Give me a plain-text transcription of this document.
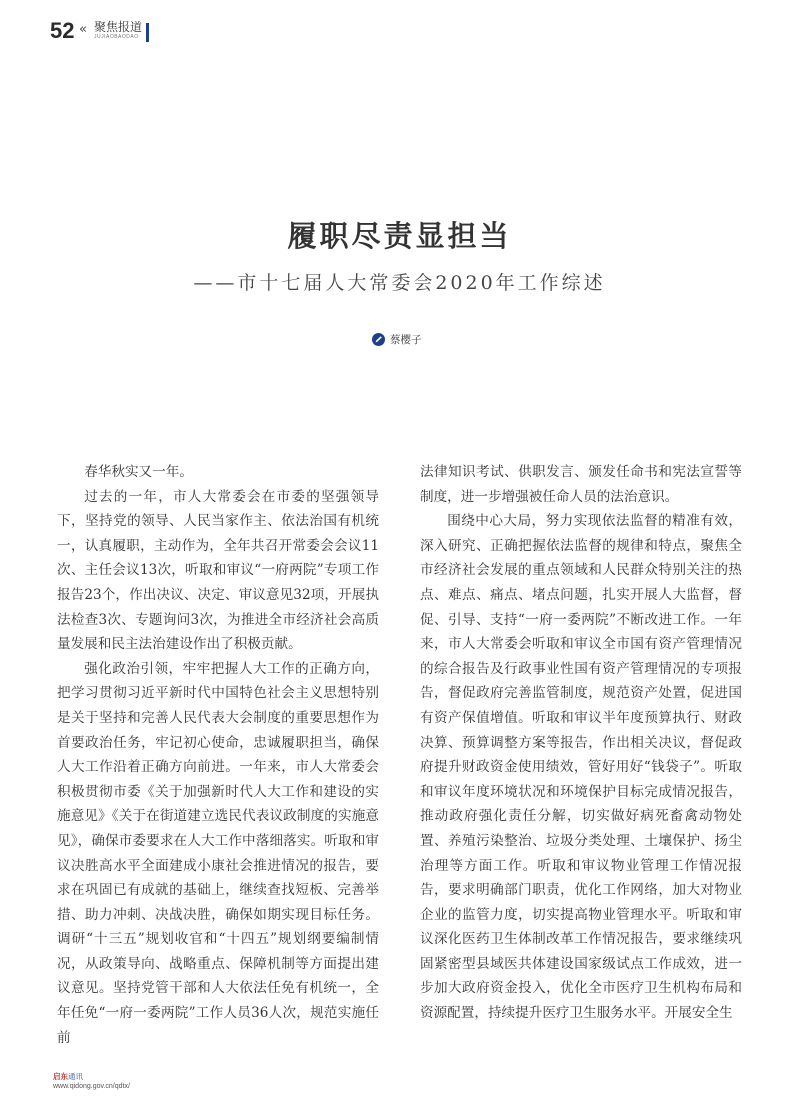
52 « 聚焦报道
JUJIAOBAODAO
履职尽责显担当
——市十七届人大常委会2020年工作综述
蔡樱子

春华秋实又一年。

过去的一年，市人大常委会在市委的坚强领导下，坚持党的领导、人民当家作主、依法治国有机统一，认真履职，主动作为，全年共召开常委会会议11次、主任会议13次，听取和审议“一府两院”专项工作报告23个，作出决议、决定、审议意见32项，开展执法检查3次、专题询问3次，为推进全市经济社会高质量发展和民主法治建设作出了积极贡献。

强化政治引领，牢牢把握人大工作的正确方向，把学习贯彻习近平新时代中国特色社会主义思想特别是关于坚持和完善人民代表大会制度的重要思想作为首要政治任务，牢记初心使命，忠诚履职担当，确保人大工作沿着正确方向前进。一年来，市人大常委会积极贯彻市委《关于加强新时代人大工作和建设的实施意见》《关于在街道建立选民代表议政制度的实施意见》，确保市委要求在人大工作中落细落实。听取和审议决胜高水平全面建成小康社会推进情况的报告，要求在巩固已有成就的基础上，继续查找短板、完善举措、助力冲刺、决战决胜，确保如期实现目标任务。调研“十三五”规划收官和“十四五”规划纲要编制情况，从政策导向、战略重点、保障机制等方面提出建议意见。坚持党管干部和人大依法任免有机统一，全年任免“一府一委两院”工作人员36人次，规范实施任前

法律知识考试、供职发言、颁发任命书和宪法宣誓等制度，进一步增强被任命人员的法治意识。

围绕中心大局，努力实现依法监督的精准有效，深入研究、正确把握依法监督的规律和特点，聚焦全市经济社会发展的重点领域和人民群众特别关注的热点、难点、痛点、堵点问题，扎实开展人大监督，督促、引导、支持“一府一委两院”不断改进工作。一年来，市人大常委会听取和审议全市国有资产管理情况的综合报告及行政事业性国有资产管理情况的专项报告，督促政府完善监管制度，规范资产处置，促进国有资产保值增值。听取和审议半年度预算执行、财政决算、预算调整方案等报告，作出相关决议，督促政府提升财政资金使用绩效，管好用好“钱袋子”。听取和审议年度环境状况和环境保护目标完成情况报告，推动政府强化责任分解，切实做好病死畜禽动物处置、养殖污染整治、垃圾分类处理、土壤保护、扬尘治理等方面工作。听取和审议物业管理工作情况报告，要求明确部门职责，优化工作网络，加大对物业企业的监管力度，切实提高物业管理水平。听取和审议深化医药卫生体制改革工作情况报告，要求继续巩固紧密型县域医共体建设国家级试点工作成效，进一步加大政府资金投入，优化全市医疗卫生机构布局和资源配置，持续提升医疗卫生服务水平。开展安全生

启东通讯
www.qidong.gov.cn/qdtx/
